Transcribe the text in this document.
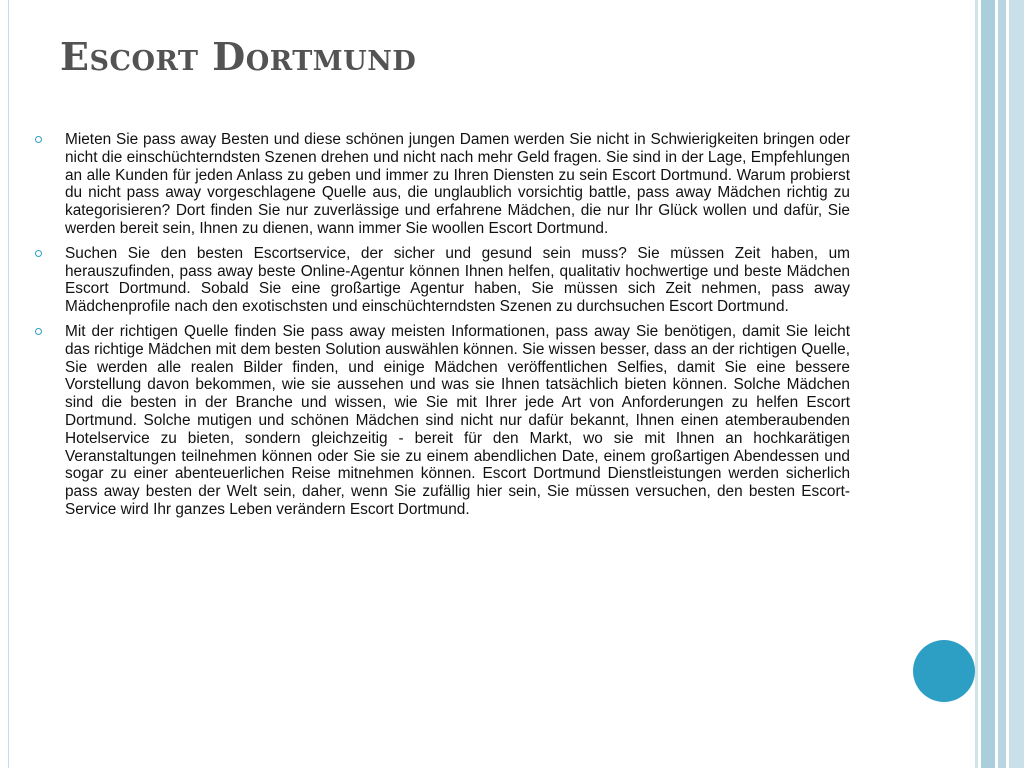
Escort Dortmund
Mieten Sie pass away Besten und diese schönen jungen Damen werden Sie nicht in Schwierigkeiten bringen oder nicht die einschüchterndsten Szenen drehen und nicht nach mehr Geld fragen. Sie sind in der Lage, Empfehlungen an alle Kunden für jeden Anlass zu geben und immer zu Ihren Diensten zu sein Escort Dortmund. Warum probierst du nicht pass away vorgeschlagene Quelle aus, die unglaublich vorsichtig battle, pass away Mädchen richtig zu kategorisieren? Dort finden Sie nur zuverlässige und erfahrene Mädchen, die nur Ihr Glück wollen und dafür, Sie werden bereit sein, Ihnen zu dienen, wann immer Sie woollen Escort Dortmund.
Suchen Sie den besten Escortservice, der sicher und gesund sein muss? Sie müssen Zeit haben, um herauszufinden, pass away beste Online-Agentur können Ihnen helfen, qualitativ hochwertige und beste Mädchen Escort Dortmund. Sobald Sie eine großartige Agentur haben, Sie müssen sich Zeit nehmen, pass away Mädchenprofile nach den exotischsten und einschüchterndsten Szenen zu durchsuchen Escort Dortmund.
Mit der richtigen Quelle finden Sie pass away meisten Informationen, pass away Sie benötigen, damit Sie leicht das richtige Mädchen mit dem besten Solution auswählen können. Sie wissen besser, dass an der richtigen Quelle, Sie werden alle realen Bilder finden, und einige Mädchen veröffentlichen Selfies, damit Sie eine bessere Vorstellung davon bekommen, wie sie aussehen und was sie Ihnen tatsächlich bieten können. Solche Mädchen sind die besten in der Branche und wissen, wie Sie mit Ihrer jede Art von Anforderungen zu helfen Escort Dortmund. Solche mutigen und schönen Mädchen sind nicht nur dafür bekannt, Ihnen einen atemberaubenden Hotelservice zu bieten, sondern gleichzeitig - bereit für den Markt, wo sie mit Ihnen an hochkarätigen Veranstaltungen teilnehmen können oder Sie sie zu einem abendlichen Date, einem großartigen Abendessen und sogar zu einer abenteuerlichen Reise mitnehmen können. Escort Dortmund Dienstleistungen werden sicherlich pass away besten der Welt sein, daher, wenn Sie zufällig hier sein, Sie müssen versuchen, den besten Escort-Service wird Ihr ganzes Leben verändern Escort Dortmund.
